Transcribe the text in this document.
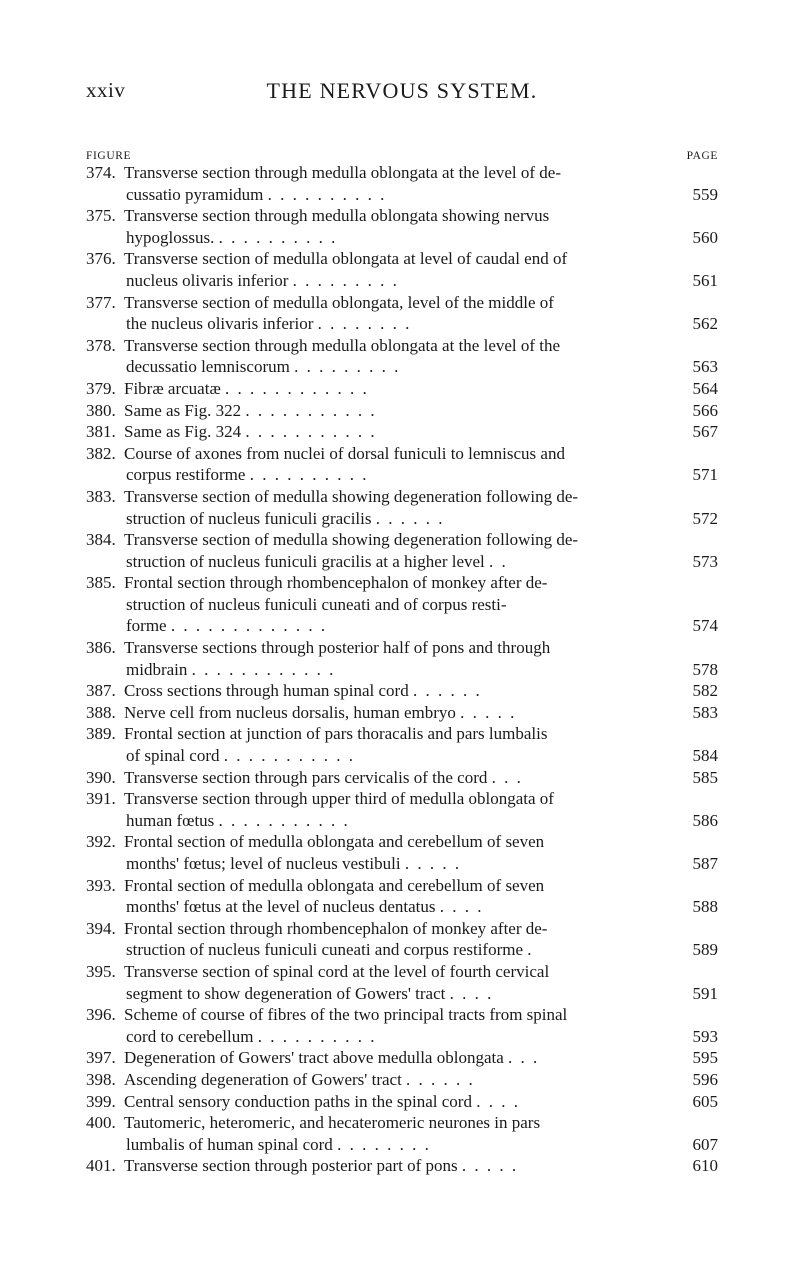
xxiv	THE NERVOUS SYSTEM.
FIGURE	PAGE
374. Transverse section through medulla oblongata at the level of de-
cussatio pyramidum . . . . . . . . . .	559
375. Transverse section through medulla oblongata showing nervus
hypoglossus. . . . . . . . . . .	560
376. Transverse section of medulla oblongata at level of caudal end of
nucleus olivaris inferior . . . . . . . . .	561
377. Transverse section of medulla oblongata, level of the middle of
the nucleus olivaris inferior . . . . . . . .	562
378. Transverse section through medulla oblongata at the level of the
decussatio lemniscorum . . . . . . . . .	563
379. Fibræ arcuatæ . . . . . . . . . . . .	564
380. Same as Fig. 322 . . . . . . . . . . .	566
381. Same as Fig. 324 . . . . . . . . . . .	567
382. Course of axones from nuclei of dorsal funiculi to lemniscus and
corpus restiforme . . . . . . . . . .	571
383. Transverse section of medulla showing degeneration following de-
struction of nucleus funiculi gracilis . . . . . .	572
384. Transverse section of medulla showing degeneration following de-
struction of nucleus funiculi gracilis at a higher level . .	573
385. Frontal section through rhombencephalon of monkey after de-
struction of nucleus funiculi cuneati and of corpus resti-
forme . . . . . . . . . . . . .	574
386. Transverse sections through posterior half of pons and through
midbrain . . . . . . . . . . . .	578
387. Cross sections through human spinal cord . . . . . .	582
388. Nerve cell from nucleus dorsalis, human embryo . . . . .	583
389. Frontal section at junction of pars thoracalis and pars lumbalis
of spinal cord . . . . . . . . . . .	584
390. Transverse section through pars cervicalis of the cord . . .	585
391. Transverse section through upper third of medulla oblongata of
human fœtus . . . . . . . . . . .	586
392. Frontal section of medulla oblongata and cerebellum of seven
months' fœtus; level of nucleus vestibuli . . . . .	587
393. Frontal section of medulla oblongata and cerebellum of seven
months' fœtus at the level of nucleus dentatus . . . .	588
394. Frontal section through rhombencephalon of monkey after de-
struction of nucleus funiculi cuneati and corpus restiforme .	589
395. Transverse section of spinal cord at the level of fourth cervical
segment to show degeneration of Gowers' tract . . . .	591
396. Scheme of course of fibres of the two principal tracts from spinal
cord to cerebellum . . . . . . . . . .	593
397. Degeneration of Gowers' tract above medulla oblongata . . .	595
398. Ascending degeneration of Gowers' tract . . . . . .	596
399. Central sensory conduction paths in the spinal cord . . . .	605
400. Tautomeric, heteromeric, and hecateromeric neurones in pars
lumbalis of human spinal cord . . . . . . . .	607
401. Transverse section through posterior part of pons . . . . .	610
